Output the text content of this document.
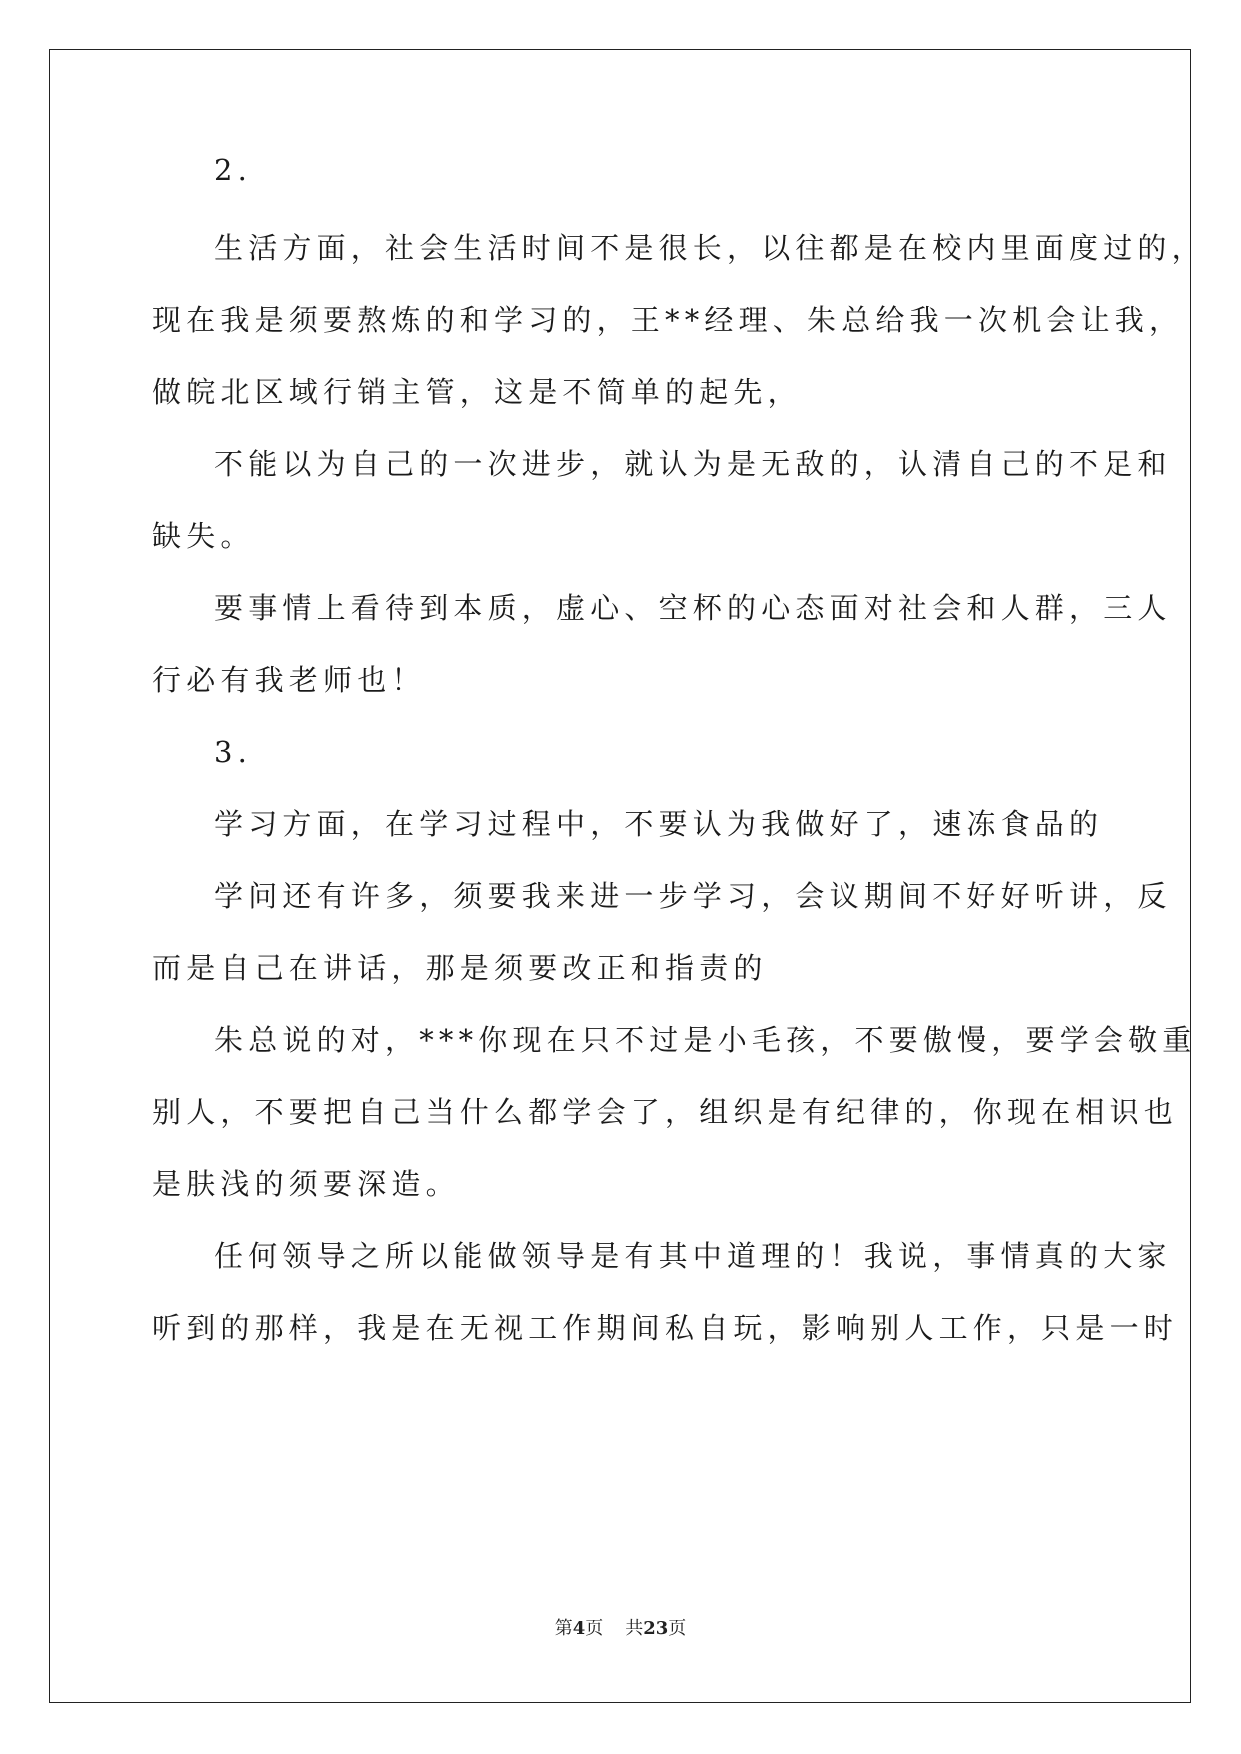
2.
生活方面，社会生活时间不是很长，以往都是在校内里面度过的，
现在我是须要熬炼的和学习的，王**经理、朱总给我一次机会让我，
做皖北区域行销主管，这是不简单的起先，
不能以为自己的一次进步，就认为是无敌的，认清自己的不足和
缺失。
要事情上看待到本质，虚心、空杯的心态面对社会和人群，三人
行必有我老师也！
3.
学习方面，在学习过程中，不要认为我做好了，速冻食品的
学问还有许多，须要我来进一步学习，会议期间不好好听讲，反
而是自己在讲话，那是须要改正和指责的
朱总说的对，***你现在只不过是小毛孩，不要傲慢，要学会敬重
别人，不要把自己当什么都学会了，组织是有纪律的，你现在相识也
是肤浅的须要深造。
任何领导之所以能做领导是有其中道理的！我说，事情真的大家
听到的那样，我是在无视工作期间私自玩，影响别人工作，只是一时
第4页 共23页
